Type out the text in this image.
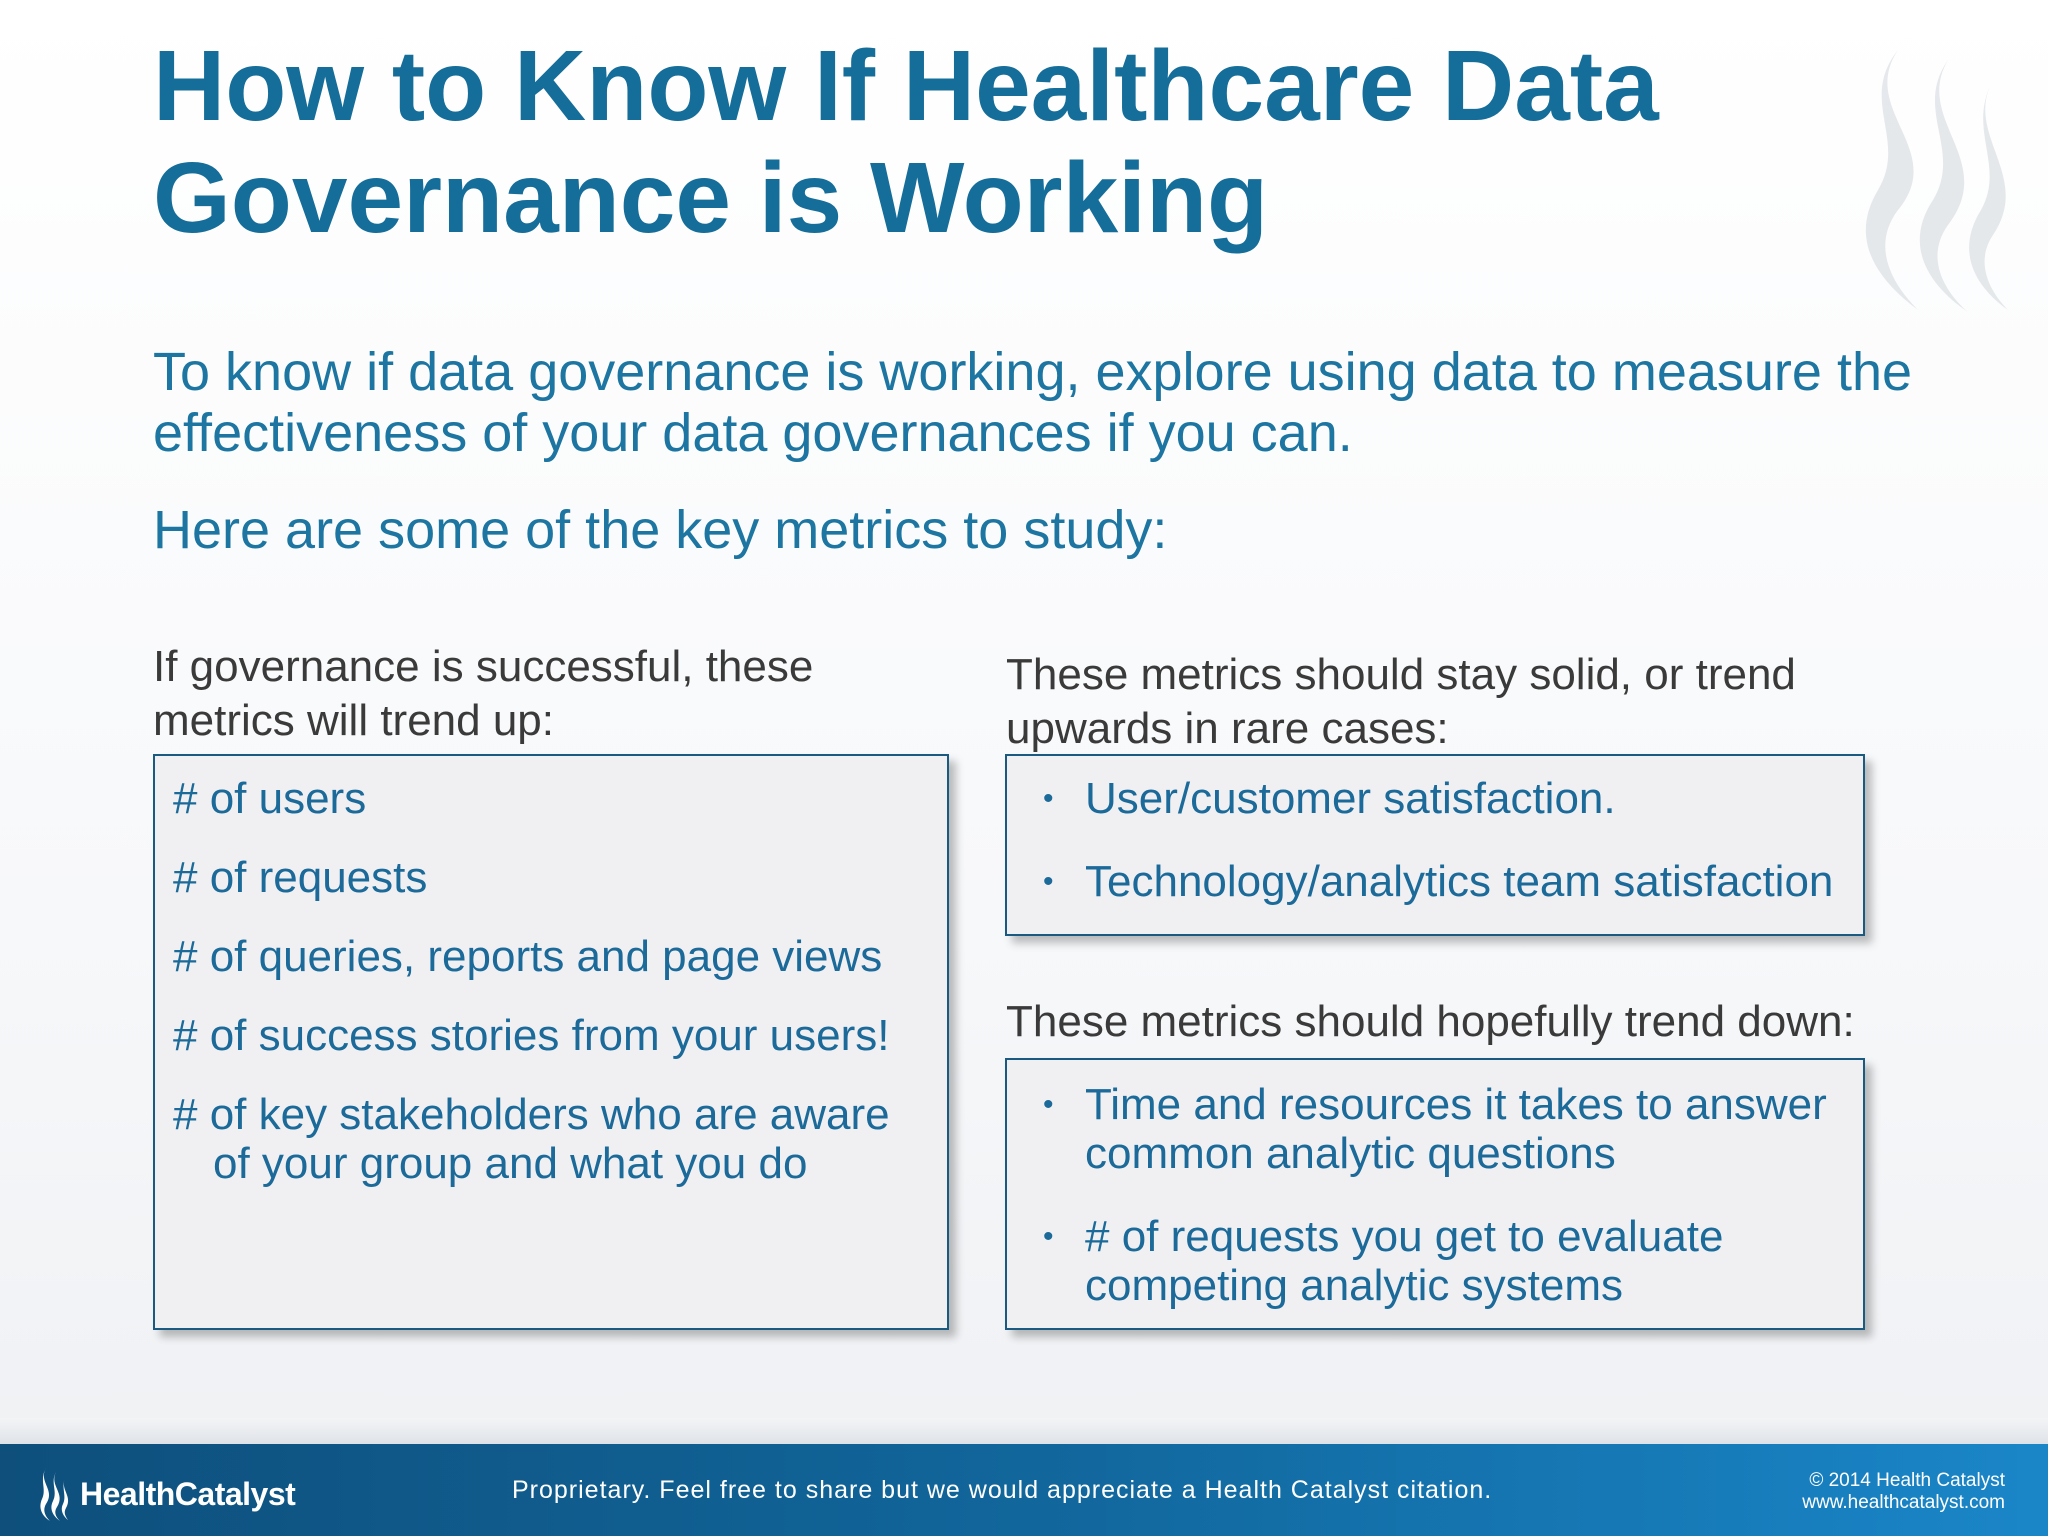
How to Know If Healthcare Data Governance is Working

To know if data governance is working, explore using data to measure the effectiveness of your data governances if you can.

Here are some of the key metrics to study:

If governance is successful, these metrics will trend up:

# of users

# of requests

# of queries, reports and page views

# of success stories from your users!

# of key stakeholders who are aware of your group and what you do

These metrics should stay solid, or trend upwards in rare cases:

• User/customer satisfaction.
• Technology/analytics team satisfaction

These metrics should hopefully trend down:

• Time and resources it takes to answer common analytic questions
• # of requests you get to evaluate competing analytic systems
HealthCatalyst	Proprietary. Feel free to share but we would appreciate a Health Catalyst citation.	© 2014 Health Catalyst
www.healthcatalyst.com
